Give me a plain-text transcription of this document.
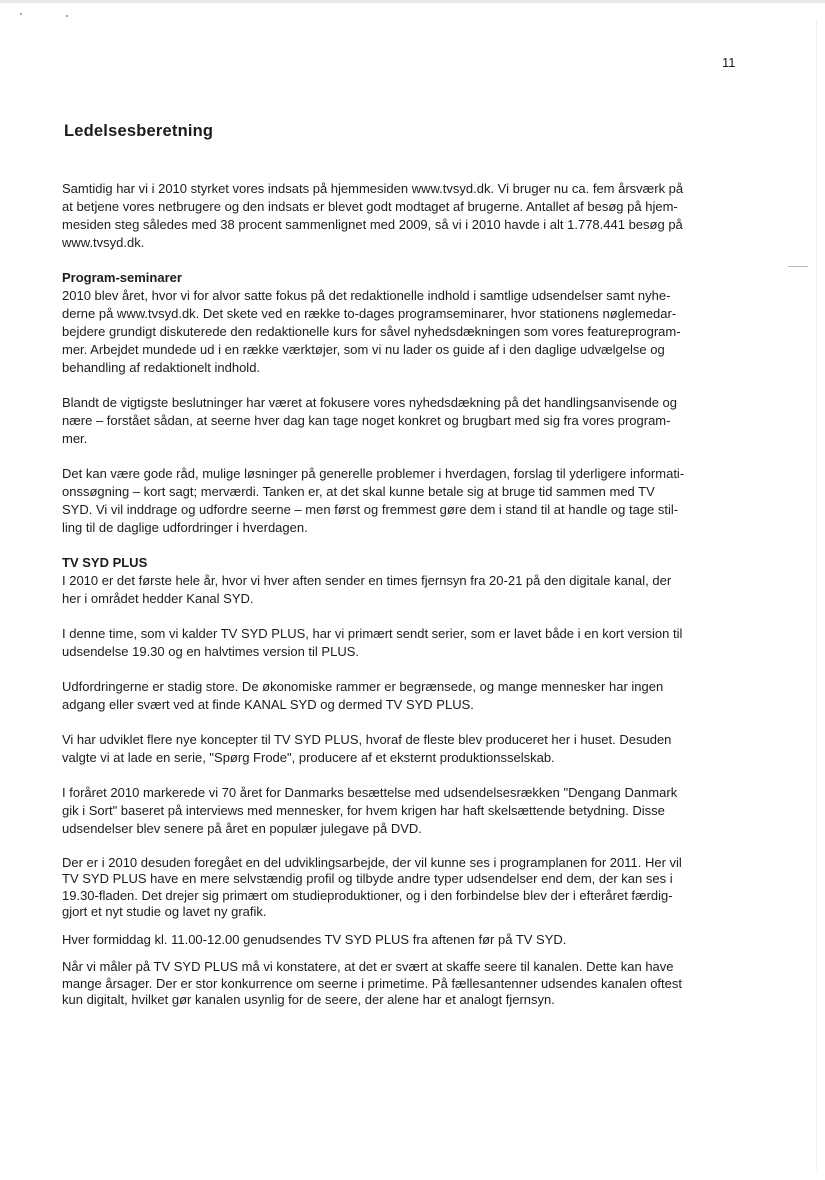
11
Ledelsesberetning

Samtidig har vi i 2010 styrket vores indsats på hjemmesiden www.tvsyd.dk. Vi bruger nu ca. fem årsværk på
at betjene vores netbrugere og den indsats er blevet godt modtaget af brugerne. Antallet af besøg på hjem-
mesiden steg således med 38 procent sammenlignet med 2009, så vi i 2010 havde i alt 1.778.441 besøg på
www.tvsyd.dk.

Program-seminarer

2010 blev året, hvor vi for alvor satte fokus på det redaktionelle indhold i samtlige udsendelser samt nyhe-
derne på www.tvsyd.dk. Det skete ved en række to-dages programseminarer, hvor stationens nøglemedar-
bejdere grundigt diskuterede den redaktionelle kurs for såvel nyhedsdækningen som vores featureprogram-
mer. Arbejdet mundede ud i en række værktøjer, som vi nu lader os guide af i den daglige udvælgelse og
behandling af redaktionelt indhold.

Blandt de vigtigste beslutninger har været at fokusere vores nyhedsdækning på det handlingsanvisende og
nære – forstået sådan, at seerne hver dag kan tage noget konkret og brugbart med sig fra vores program-
mer.

Det kan være gode råd, mulige løsninger på generelle problemer i hverdagen, forslag til yderligere informati-
onssøgning – kort sagt; merværdi. Tanken er, at det skal kunne betale sig at bruge tid sammen med TV
SYD. Vi vil inddrage og udfordre seerne – men først og fremmest gøre dem i stand til at handle og tage stil-
ling til de daglige udfordringer i hverdagen.

TV SYD PLUS

I 2010 er det første hele år, hvor vi hver aften sender en times fjernsyn fra 20-21 på den digitale kanal, der
her i området hedder Kanal SYD.

I denne time, som vi kalder TV SYD PLUS, har vi primært sendt serier, som er lavet både i en kort version til
udsendelse 19.30 og en halvtimes version til PLUS.

Udfordringerne er stadig store. De økonomiske rammer er begrænsede, og mange mennesker har ingen
adgang eller svært ved at finde KANAL SYD og dermed TV SYD PLUS.

Vi har udviklet flere nye koncepter til TV SYD PLUS, hvoraf de fleste blev produceret her i huset. Desuden
valgte vi at lade en serie, "Spørg Frode", producere af et eksternt produktionsselskab.

I foråret 2010 markerede vi 70 året for Danmarks besættelse med udsendelsesrækken "Dengang Danmark
gik i Sort" baseret på interviews med mennesker, for hvem krigen har haft skelsættende betydning. Disse
udsendelser blev senere på året en populær julegave på DVD.

Der er i 2010 desuden foregået en del udviklingsarbejde, der vil kunne ses i programplanen for 2011. Her vil
TV SYD PLUS have en mere selvstændig profil og tilbyde andre typer udsendelser end dem, der kan ses i
19.30-fladen. Det drejer sig primært om studieproduktioner, og i den forbindelse blev der i efteråret færdig-
gjort et nyt studie og lavet ny grafik.

Hver formiddag kl. 11.00-12.00 genudsendes TV SYD PLUS fra aftenen før på TV SYD.

Når vi måler på TV SYD PLUS må vi konstatere, at det er svært at skaffe seere til kanalen. Dette kan have
mange årsager. Der er stor konkurrence om seerne i primetime. På fællesantenner udsendes kanalen oftest
kun digitalt, hvilket gør kanalen usynlig for de seere, der alene har et analogt fjernsyn.
